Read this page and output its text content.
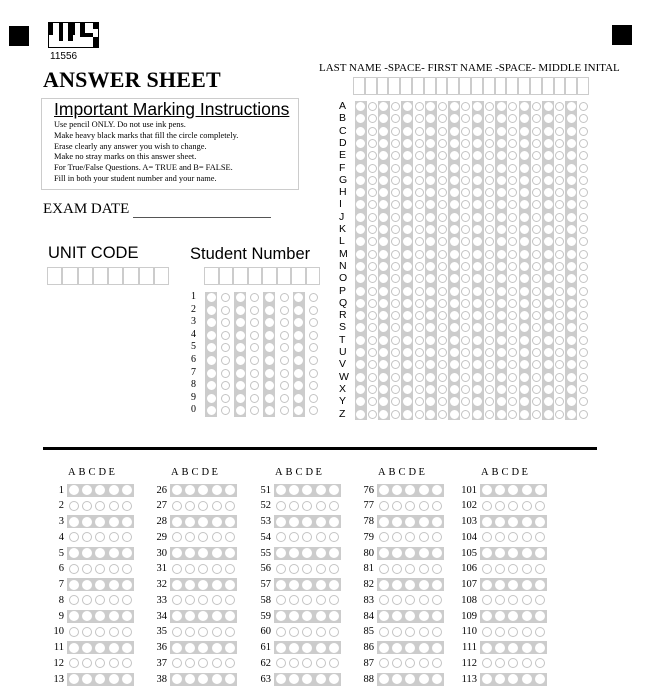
11556
ANSWER SHEET
Important Marking Instructions
Use pencil ONLY. Do not use ink pens.
Make heavy black marks that fill the circle completely.
Erase clearly any answer you wish to change.
Make no stray marks on this answer sheet.
For True/False Questions. A= TRUE and B= FALSE.
Fill in both your student number and your name.
EXAM DATE
UNIT CODE	Student Number
1
2
3
4
5
6
7
8
9
0
LAST NAME -SPACE- FIRST NAME -SPACE- MIDDLE INITAL
A
B
C
D
E
F
G
H
I
J
K
L
M
N
O
P
Q
R
S
T
U
V
W
X
Y
Z
A B C D E
1
2
3
4
5
6
7
8
9
10
11
12
13
A B C D E
26
27
28
29
30
31
32
33
34
35
36
37
38
A B C D E
51
52
53
54
55
56
57
58
59
60
61
62
63
A B C D E
76
77
78
79
80
81
82
83
84
85
86
87
88
A B C D E
101
102
103
104
105
106
107
108
109
110
111
112
113
